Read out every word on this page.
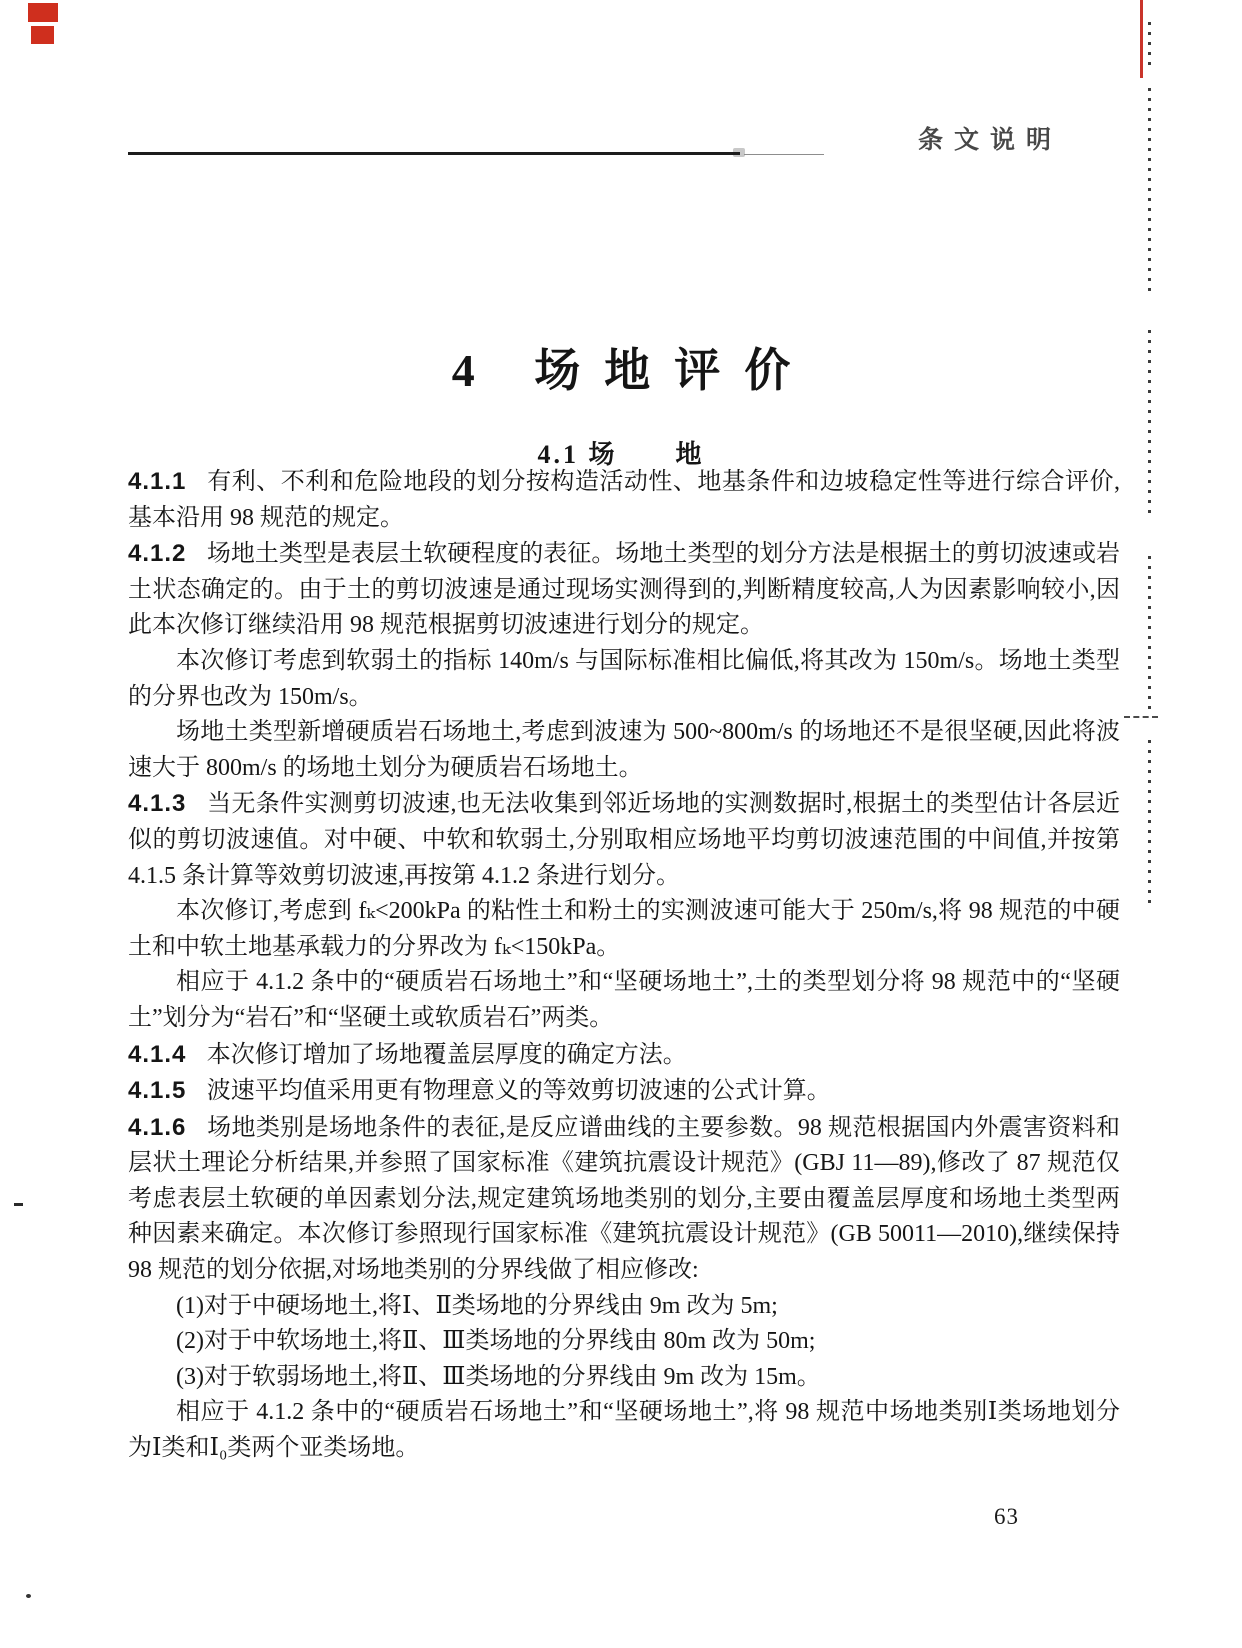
条文说明
4 场地评价
4.1 场　　地

4.1.1 有利、不利和危险地段的划分按构造活动性、地基条件和边坡稳定性等进行综合评价,基本沿用 98 规范的规定。

4.1.2 场地土类型是表层土软硬程度的表征。场地土类型的划分方法是根据土的剪切波速或岩土状态确定的。由于土的剪切波速是通过现场实测得到的,判断精度较高,人为因素影响较小,因此本次修订继续沿用 98 规范根据剪切波速进行划分的规定。

本次修订考虑到软弱土的指标 140m/s 与国际标准相比偏低,将其改为 150m/s。场地土类型的分界也改为 150m/s。

场地土类型新增硬质岩石场地土,考虑到波速为 500~800m/s 的场地还不是很坚硬,因此将波速大于 800m/s 的场地土划分为硬质岩石场地土。

4.1.3 当无条件实测剪切波速,也无法收集到邻近场地的实测数据时,根据土的类型估计各层近似的剪切波速值。对中硬、中软和软弱土,分别取相应场地平均剪切波速范围的中间值,并按第 4.1.5 条计算等效剪切波速,再按第 4.1.2 条进行划分。

本次修订,考虑到 fₖ<200kPa 的粘性土和粉土的实测波速可能大于 250m/s,将 98 规范的中硬土和中软土地基承载力的分界改为 fₖ<150kPa。

相应于 4.1.2 条中的“硬质岩石场地土”和“坚硬场地土”,土的类型划分将 98 规范中的“坚硬土”划分为“岩石”和“坚硬土或软质岩石”两类。

4.1.4 本次修订增加了场地覆盖层厚度的确定方法。

4.1.5 波速平均值采用更有物理意义的等效剪切波速的公式计算。

4.1.6 场地类别是场地条件的表征,是反应谱曲线的主要参数。98 规范根据国内外震害资料和层状土理论分析结果,并参照了国家标准《建筑抗震设计规范》(GBJ 11—89),修改了 87 规范仅考虑表层土软硬的单因素划分法,规定建筑场地类别的划分,主要由覆盖层厚度和场地土类型两种因素来确定。本次修订参照现行国家标准《建筑抗震设计规范》(GB 50011—2010),继续保持 98 规范的划分依据,对场地类别的分界线做了相应修改:

(1)对于中硬场地土,将Ⅰ、Ⅱ类场地的分界线由 9m 改为 5m;

(2)对于中软场地土,将Ⅱ、Ⅲ类场地的分界线由 80m 改为 50m;

(3)对于软弱场地土,将Ⅱ、Ⅲ类场地的分界线由 9m 改为 15m。

相应于 4.1.2 条中的“硬质岩石场地土”和“坚硬场地土”,将 98 规范中场地类别Ⅰ类场地划分为Ⅰ类和Ⅰ₀类两个亚类场地。

63
